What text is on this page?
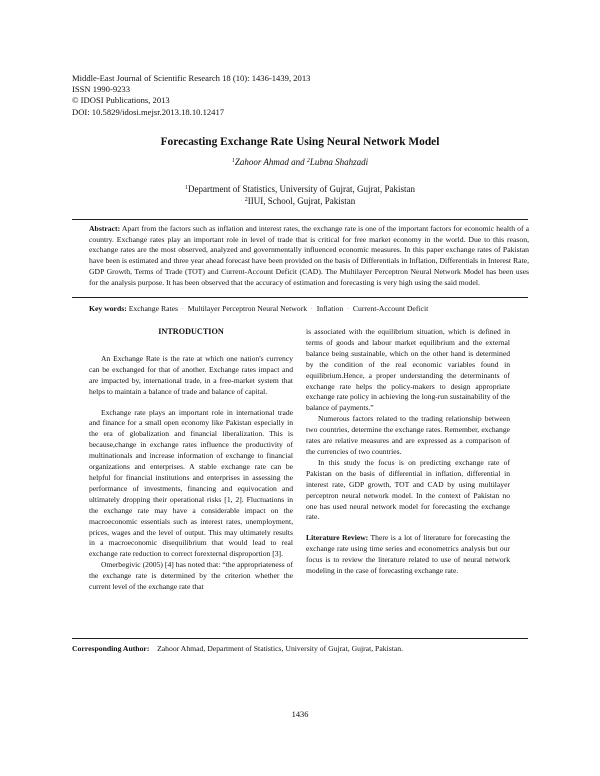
Middle-East Journal of Scientific Research 18 (10): 1436-1439, 2013
ISSN 1990-9233
© IDOSI Publications, 2013
DOI: 10.5829/idosi.mejsr.2013.18.10.12417
Forecasting Exchange Rate Using Neural Network Model
$^1$Zahoor Ahmad and $^2$Lubna Shahzadi
$^1$Department of Statistics, University of Gujrat, Gujrat, Pakistan
$^2$IIUI, School, Gujrat, Pakistan
Abstract: Apart from the factors such as inflation and interest rates, the exchange rate is one of the important factors for economic health of a country. Exchange rates play an important role in level of trade that is critical for free market economy in the world. Due to this reason, exchange rates are the most observed, analyzed and governmentally influenced economic measures. In this paper exchange rates of Pakistan have been is estimated and three year ahead forecast have been provided on the basis of Differentials in Inflation, Differentials in Interest Rate, GDP Growth, Terms of Trade (TOT) and Current-Account Deficit (CAD). The Multilayer Perceptron Neural Network Model has been uses for the analysis purpose. It has been observed that the accuracy of estimation and forecasting is very high using the said model.
Key words: Exchange Rates · Multilayer Perceptron Neural Network · Inflation · Current-Account Deficit
INTRODUCTION

An Exchange Rate is the rate at which one nation's currency can be exchanged for that of another. Exchange rates impact and are impacted by, international trade, in a free-market system that helps to maintain a balance of trade and balance of capital.

Exchange rate plays an important role in international trade and finance for a small open economy like Pakistan especially in the era of globalization and financial liberalization. This is because,change in exchange rates influence the productivity of multinationals and increase information of exchange to financial organizations and enterprises. A stable exchange rate can be helpful for financial institutions and enterprises in assessing the performance of investments, financing and equivocation and ultimately dropping their operational risks [1, 2]. Fluctuations in the exchange rate may have a considerable impact on the macroeconomic essentials such as interest rates, unemployment, prices, wages and the level of output. This may ultimately results in a macroeconomic disequilibrium that would lead to real exchange rate reduction to correct forexternal disproportion [3].

Omerbegivic (2005) [4] has noted that: “the appropriateness of the exchange rate is determined by the criterion whether the current level of the exchange rate that

is associated with the equilibrium situation, which is defined in terms of goods and labour market equilibrium and the external balance being sustainable, which on the other hand is determined by the condition of the real economic variables found in equilibrium.Hence, a proper understanding the determinants of exchange rate helps the policy-makers to design appropriate exchange rate policy in achieving the long-run sustainability of the balance of payments.”

Numerous factors related to the trading relationship between two countries, determine the exchange rates. Remember, exchange rates are relative measures and are expressed as a comparison of the currencies of two countries.

In this study the focus is on predicting exchange rate of Pakistan on the basis of differential in inflation, differential in interest rate, GDP growth, TOT and CAD by using multilayer perceptron neural network model. In the context of Pakistan no one has used neural network model for forecasting the exchange rate.

Literature Review: There is a lot of literature for forecasting the exchange rate using time series and econometrics analysis but our focus is to review the literature related to use of neural network modeling in the case of forecasting exchange rate.

Corresponding Author: Zahoor Ahmad, Department of Statistics, University of Gujrat, Gujrat, Pakistan.
1436
